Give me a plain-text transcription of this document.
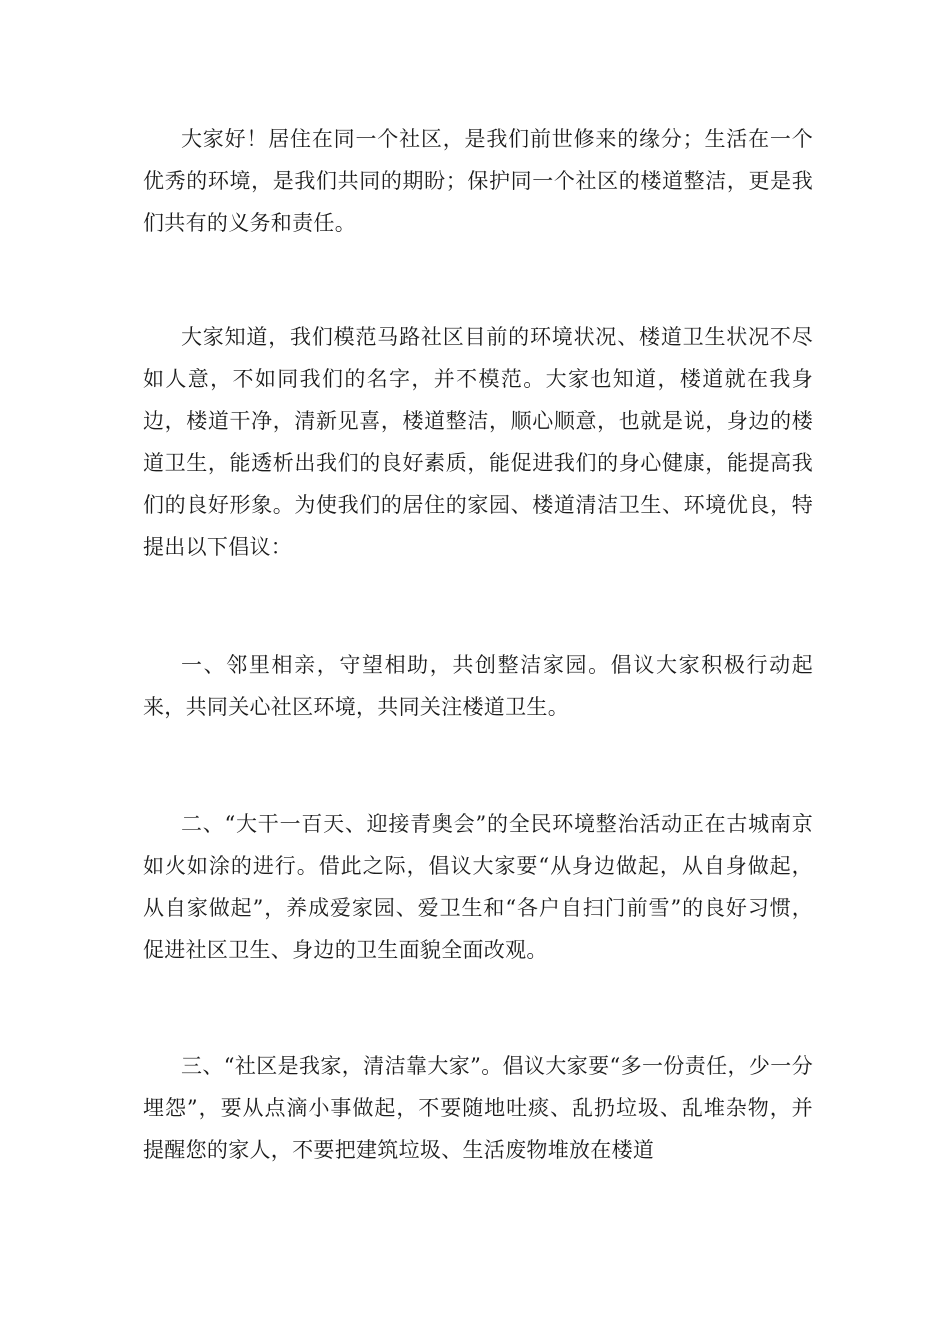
大家好！居住在同一个社区，是我们前世修来的缘分；生活在一个优秀的环境，是我们共同的期盼；保护同一个社区的楼道整洁，更是我们共有的义务和责任。

大家知道，我们模范马路社区目前的环境状况、楼道卫生状况不尽如人意，不如同我们的名字，并不模范。大家也知道，楼道就在我身边，楼道干净，清新见喜，楼道整洁，顺心顺意，也就是说，身边的楼道卫生，能透析出我们的良好素质，能促进我们的身心健康，能提高我们的良好形象。为使我们的居住的家园、楼道清洁卫生、环境优良，特提出以下倡议：

一、邻里相亲，守望相助，共创整洁家园。倡议大家积极行动起来，共同关心社区环境，共同关注楼道卫生。

二、“大干一百天、迎接青奥会”的全民环境整治活动正在古城南京如火如涂的进行。借此之际，倡议大家要“从身边做起，从自身做起，从自家做起”，养成爱家园、爱卫生和“各户自扫门前雪”的良好习惯，促进社区卫生、身边的卫生面貌全面改观。

三、“社区是我家，清洁靠大家”。倡议大家要“多一份责任，少一分埋怨”，要从点滴小事做起，不要随地吐痰、乱扔垃圾、乱堆杂物，并提醒您的家人，不要把建筑垃圾、生活废物堆放在楼道
